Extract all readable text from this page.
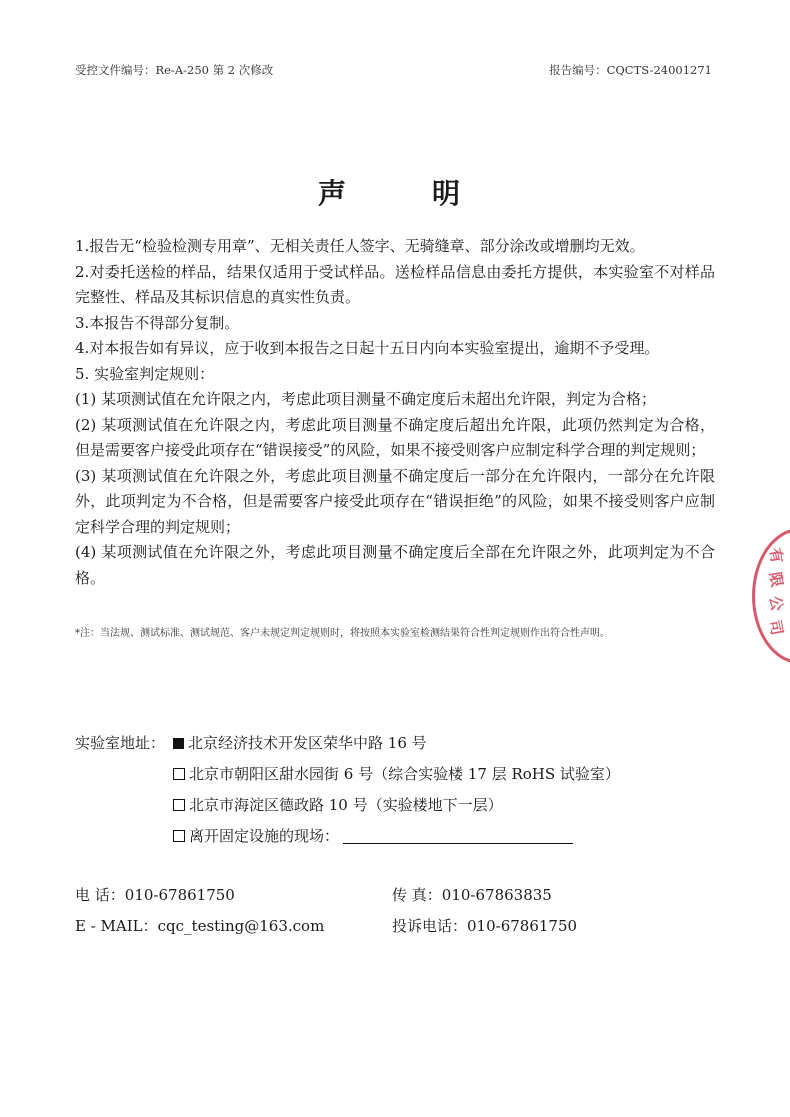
受控文件编号：Re-A-250 第 2 次修改	报告编号：CQCTS-24001271
声	明

1.报告无“检验检测专用章”、无相关责任人签字、无骑缝章、部分涂改或增删均无效。

2.对委托送检的样品，结果仅适用于受试样品。送检样品信息由委托方提供，本实验室不对样品完整性、样品及其标识信息的真实性负责。

3.本报告不得部分复制。

4.对本报告如有异议，应于收到本报告之日起十五日内向本实验室提出，逾期不予受理。

5. 实验室判定规则：

(1) 某项测试值在允许限之内，考虑此项目测量不确定度后未超出允许限，判定为合格；

(2) 某项测试值在允许限之内，考虑此项目测量不确定度后超出允许限，此项仍然判定为合格，但是需要客户接受此项存在“错误接受”的风险，如果不接受则客户应制定科学合理的判定规则；

(3) 某项测试值在允许限之外，考虑此项目测量不确定度后一部分在允许限内，一部分在允许限外，此项判定为不合格，但是需要客户接受此项存在“错误拒绝”的风险，如果不接受则客户应制定科学合理的判定规则；

(4) 某项测试值在允许限之外，考虑此项目测量不确定度后全部在允许限之外，此项判定为不合格。

*注：当法规、测试标准、测试规范、客户未规定判定规则时，将按照本实验室检测结果符合性判定规则作出符合性声明。
实验室地址：	北京经济技术开发区荣华中路 16 号
北京市朝阳区甜水园街 6 号（综合实验楼 17 层 RoHS 试验室）
北京市海淀区德政路 10 号（实验楼地下一层）
离开固定设施的现场：
电 话：010-67861750	传 真：010-67863835
E - MAIL：cqc_testing@163.com	投诉电话：010-67861750
有
限
公
司
